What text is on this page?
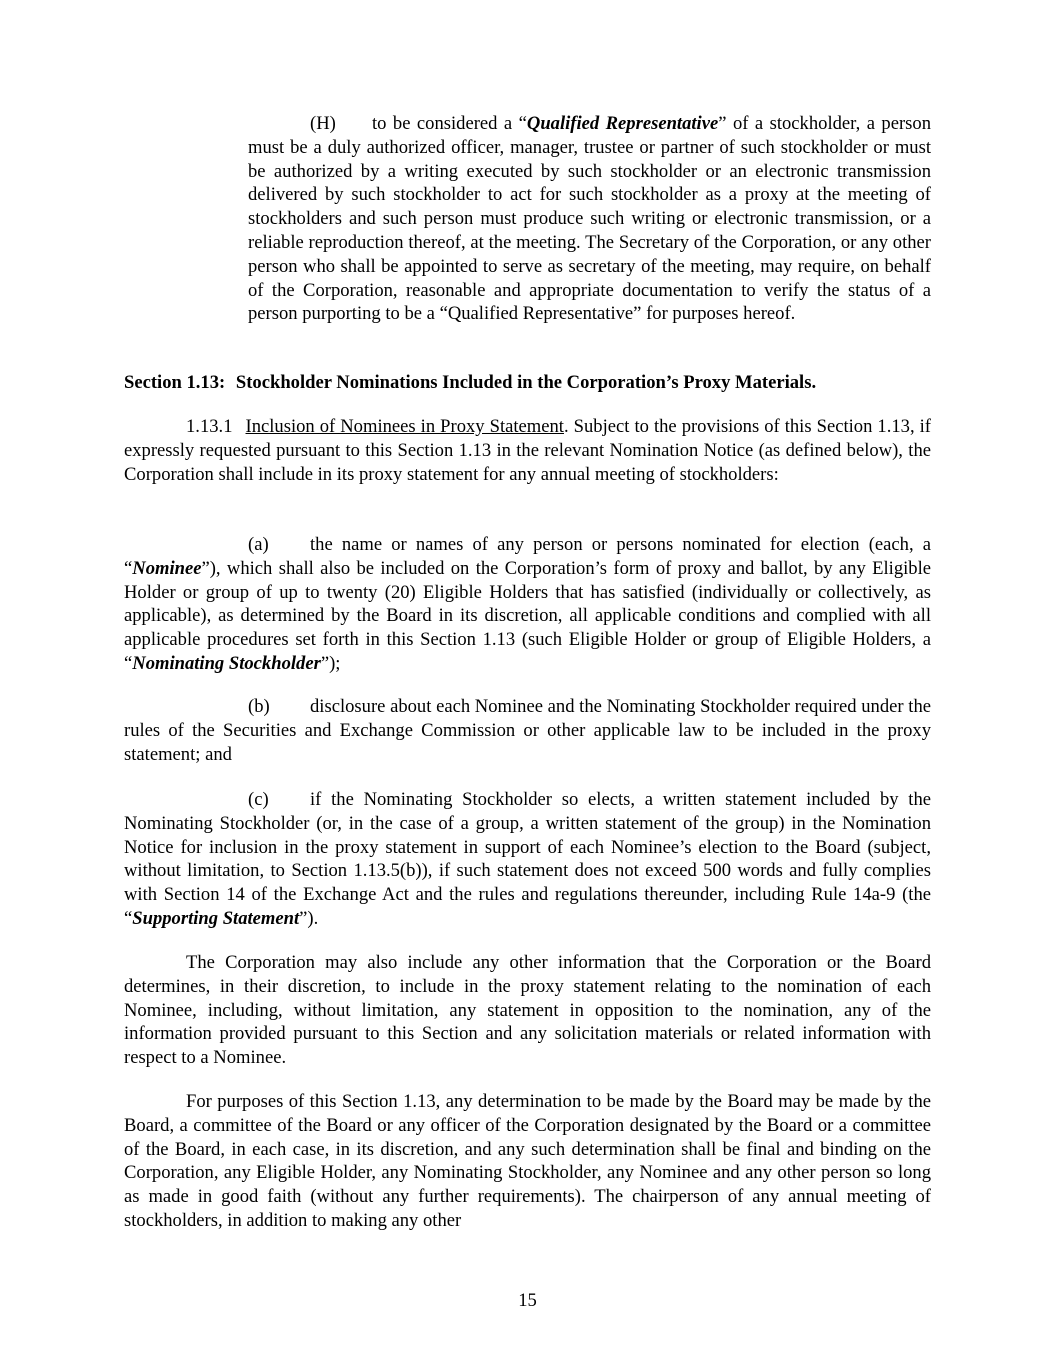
(H) to be considered a “Qualified Representative” of a stockholder, a person must be a duly authorized officer, manager, trustee or partner of such stockholder or must be authorized by a writing executed by such stockholder or an electronic transmission delivered by such stockholder to act for such stockholder as a proxy at the meeting of stockholders and such person must produce such writing or electronic transmission, or a reliable reproduction thereof, at the meeting. The Secretary of the Corporation, or any other person who shall be appointed to serve as secretary of the meeting, may require, on behalf of the Corporation, reasonable and appropriate documentation to verify the status of a person purporting to be a “Qualified Representative” for purposes hereof.

Section 1.13: Stockholder Nominations Included in the Corporation’s Proxy Materials.

1.13.1 Inclusion of Nominees in Proxy Statement. Subject to the provisions of this Section 1.13, if expressly requested pursuant to this Section 1.13 in the relevant Nomination Notice (as defined below), the Corporation shall include in its proxy statement for any annual meeting of stockholders:

(a) the name or names of any person or persons nominated for election (each, a “Nominee”), which shall also be included on the Corporation’s form of proxy and ballot, by any Eligible Holder or group of up to twenty (20) Eligible Holders that has satisfied (individually or collectively, as applicable), as determined by the Board in its discretion, all applicable conditions and complied with all applicable procedures set forth in this Section 1.13 (such Eligible Holder or group of Eligible Holders, a “Nominating Stockholder”);

(b) disclosure about each Nominee and the Nominating Stockholder required under the rules of the Securities and Exchange Commission or other applicable law to be included in the proxy statement; and

(c) if the Nominating Stockholder so elects, a written statement included by the Nominating Stockholder (or, in the case of a group, a written statement of the group) in the Nomination Notice for inclusion in the proxy statement in support of each Nominee’s election to the Board (subject, without limitation, to Section 1.13.5(b)), if such statement does not exceed 500 words and fully complies with Section 14 of the Exchange Act and the rules and regulations thereunder, including Rule 14a-9 (the “Supporting Statement”).

The Corporation may also include any other information that the Corporation or the Board determines, in their discretion, to include in the proxy statement relating to the nomination of each Nominee, including, without limitation, any statement in opposition to the nomination, any of the information provided pursuant to this Section and any solicitation materials or related information with respect to a Nominee.

For purposes of this Section 1.13, any determination to be made by the Board may be made by the Board, a committee of the Board or any officer of the Corporation designated by the Board or a committee of the Board, in each case, in its discretion, and any such determination shall be final and binding on the Corporation, any Eligible Holder, any Nominating Stockholder, any Nominee and any other person so long as made in good faith (without any further requirements). The chairperson of any annual meeting of stockholders, in addition to making any other

15
